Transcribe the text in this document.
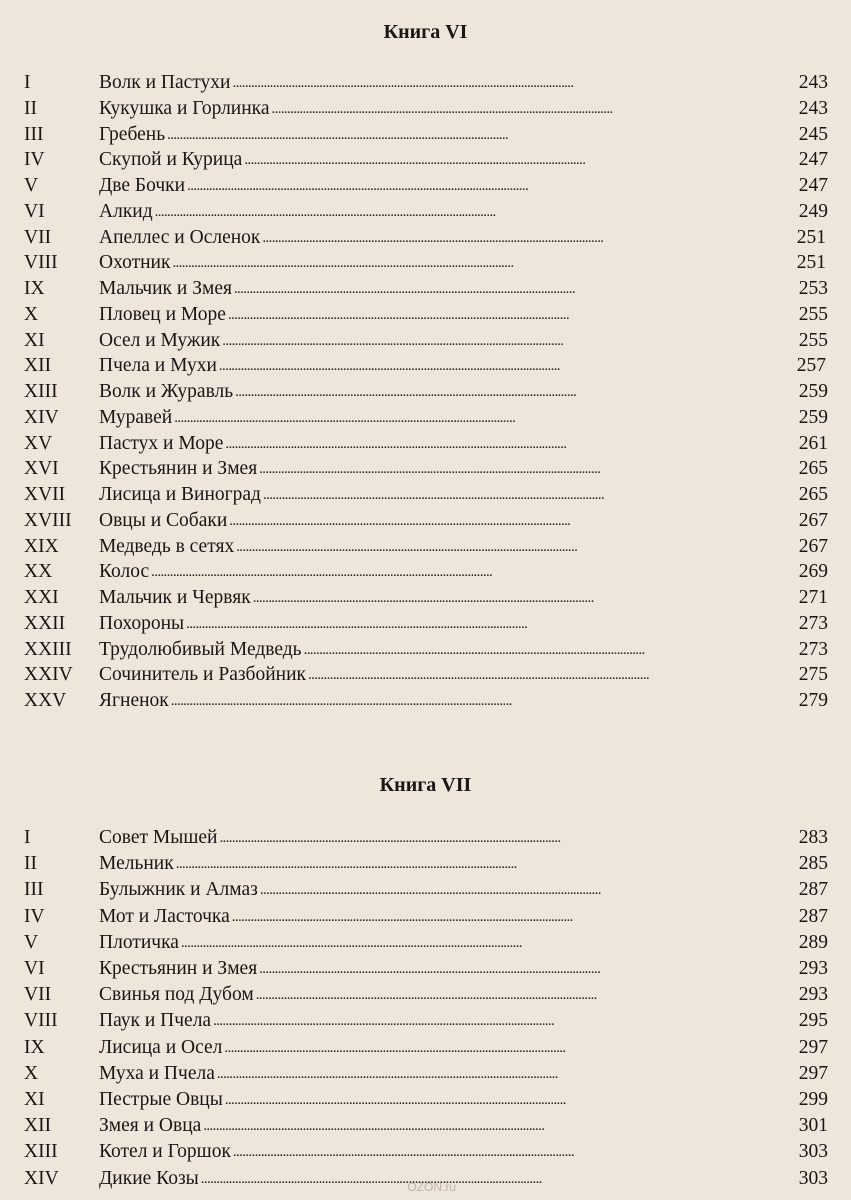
Книга VI
I	Волк и Пастухи . . .	243
II	Кукушка и Горлинка . . .	243
III	Гребень . . .	245
IV	Скупой и Курица . . .	247
V	Две Бочки . . .	247
VI	Алкид . . .	249
VII	Апеллес и Осленок . . .	251
VIII	Охотник . . .	251
IX	Мальчик и Змея . . .	253
X	Пловец и Море . . .	255
XI	Осел и Мужик . . .	255
XII	Пчела и Мухи . . .	257
XIII	Волк и Журавль . . .	259
XIV	Муравей . . .	259
XV	Пастух и Море . . .	261
XVI	Крестьянин и Змея . . .	265
XVII	Лисица и Виноград . . .	265
XVIII	Овцы и Собаки . . .	267
XIX	Медведь в сетях . . .	267
XX	Колос . . .	269
XXI	Мальчик и Червяк . . .	271
XXII	Похороны . . .	273
XXIII	Трудолюбивый Медведь . . .	273
XXIV	Сочинитель и Разбойник . . .	275
XXV	Ягненок . . .	279
Книга VII
I	Совет Мышей . . .	283
II	Мельник . . .	285
III	Булыжник и Алмаз . . .	287
IV	Мот и Ласточка . . .	287
V	Плотичка . . .	289
VI	Крестьянин и Змея . . .	293
VII	Свинья под Дубом . . .	293
VIII	Паук и Пчела . . .	295
IX	Лисица и Осел . . .	297
X	Муха и Пчела . . .	297
XI	Пестрые Овцы . . .	299
XII	Змея и Овца . . .	301
XIII	Котел и Горшок . . .	303
XIV	Дикие Козы . . .	303
OZON.ru
